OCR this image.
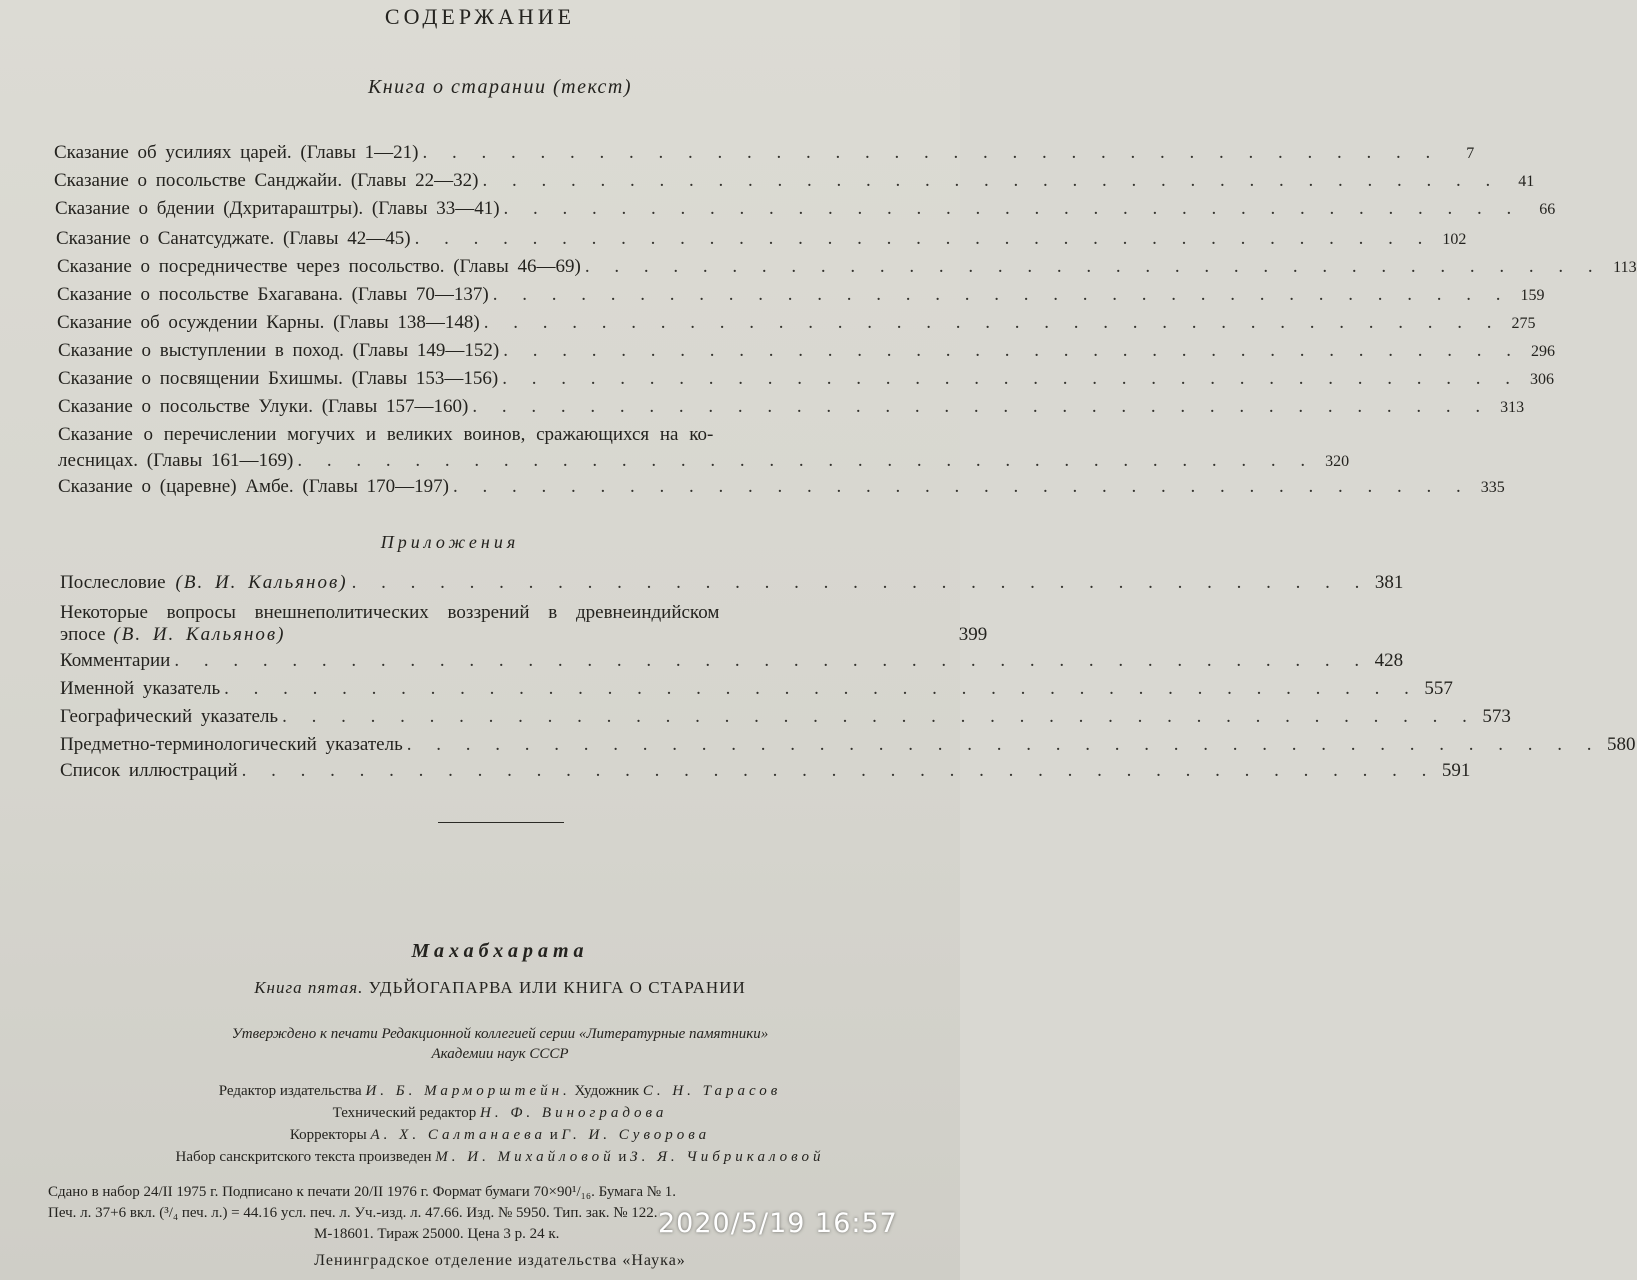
СОДЕРЖАНИЕ
Книга о старании (текст)
Сказание об усилиях царей. (Главы 1—21) . . . . . . . . . . . . . . . . . . . . . . . . . . . . . . . . . . .	7
Сказание о посольстве Санджайи. (Главы 22—32) . . . . . . . . . . . . . . . . . . . . . . . . . . . . . . . . . . .	41
Сказание о бдении (Дхритараштры). (Главы 33—41) . . . . . . . . . . . . . . . . . . . . . . . . . . . . . . . . . . .	66
Сказание о Санатсуджате. (Главы 42—45) . . . . . . . . . . . . . . . . . . . . . . . . . . . . . . . . . . . 102
Сказание о посредничестве через посольство. (Главы 46—69) . . . . . . . . . . . . . . . . . . . . . . . . . . . . . . . . . . . 113
Сказание о посольстве Бхагавана. (Главы 70—137) . . . . . . . . . . . . . . . . . . . . . . . . . . . . . . . . . . . 159
Сказание об осуждении Карны. (Главы 138—148) . . . . . . . . . . . . . . . . . . . . . . . . . . . . . . . . . . . 275
Сказание о выступлении в поход. (Главы 149—152) . . . . . . . . . . . . . . . . . . . . . . . . . . . . . . . . . . . 296
Сказание о посвящении Бхишмы. (Главы 153—156) . . . . . . . . . . . . . . . . . . . . . . . . . . . . . . . . . . . 306
Сказание о посольстве Улуки. (Главы 157—160) . . . . . . . . . . . . . . . . . . . . . . . . . . . . . . . . . . . 313
Сказание о перечислении могучих и великих воинов, сражающихся на ко-
лесницах. (Главы 161—169) . . . . . . . . . . . . . . . . . . . . . . . . . . . . . . . . . . . 320
Сказание о (царевне) Амбе. (Главы 170—197) . . . . . . . . . . . . . . . . . . . . . . . . . . . . . . . . . . . 335
Приложения
Послесловие (В. И. Кальянов) . . . . . . . . . . . . . . . . . . . . . . . . . . . . . . . . . . . 381
Некоторые вопросы внешнеполитических воззрений в древнеиндийском
эпосе (В. И. Кальянов)	399
Комментарии . . . . . . . . . . . . . . . . . . . . . . . . . . . . . . . . . . . . . . . . . 428
Именной указатель . . . . . . . . . . . . . . . . . . . . . . . . . . . . . . . . . . . . . . . . . 557
Географический указатель . . . . . . . . . . . . . . . . . . . . . . . . . . . . . . . . . . . . . . . . . 573
Предметно-терминологический указатель . . . . . . . . . . . . . . . . . . . . . . . . . . . . . . . . . . . . . . . . . 580
Список иллюстраций . . . . . . . . . . . . . . . . . . . . . . . . . . . . . . . . . . . . . . . . . 591
Махабхарата
Книга пятая. УДЬЙОГАПАРВА ИЛИ КНИГА О СТАРАНИИ
Утверждено к печати Редакционной коллегией серии «Литературные памятники»
Академии наук СССР
Редактор издательства И. Б. Марморштейн. Художник С. Н. Тарасов
Технический редактор Н. Ф. Виноградова
Корректоры А. Х. Салтанаева и Г. И. Суворова
Набор санскритского текста произведен М. И. Михайловой и З. Я. Чибрикаловой
Сдано в набор 24/II 1975 г. Подписано к печати 20/II 1976 г. Формат бумаги 70×90¹/₁₆. Бумага № 1.
Печ. л. 37+6 вкл. (³/₄ печ. л.) = 44.16 усл. печ. л. Уч.-изд. л. 47.66. Изд. № 5950. Тип. зак. № 122.
М-18601. Тираж 25000. Цена 3 р. 24 к.
Ленинградское отделение издательства «Наука»
2020/5/19 16:57
